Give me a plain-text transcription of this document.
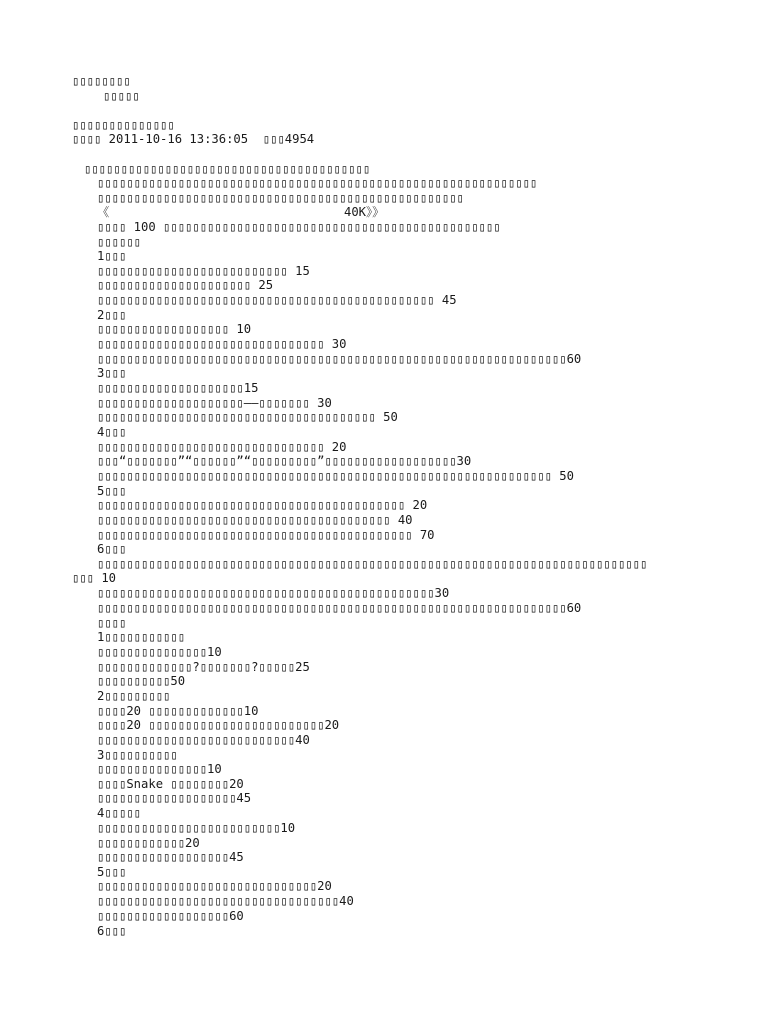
▯▯▯▯▯▯▯▯
▯▯▯▯▯
▯▯▯▯▯▯▯▯▯▯▯▯▯▯
▯▯▯▯ 2011-10-16 13:36:05  ▯▯▯4954
▯▯▯▯▯▯▯▯▯▯▯▯▯▯▯▯▯▯▯▯▯▯▯▯▯▯▯▯▯▯▯▯▯▯▯▯▯▯▯
▯▯▯▯▯▯▯▯▯▯▯▯▯▯▯▯▯▯▯▯▯▯▯▯▯▯▯▯▯▯▯▯▯▯▯▯▯▯▯▯▯▯▯▯▯▯▯▯▯▯▯▯▯▯▯▯▯▯▯▯
▯▯▯▯▯▯▯▯▯▯▯▯▯▯▯▯▯▯▯▯▯▯▯▯▯▯▯▯▯▯▯▯▯▯▯▯▯▯▯▯▯▯▯▯▯▯▯▯▯▯
《                                40K》》
▯▯▯▯ 100 ▯▯▯▯▯▯▯▯▯▯▯▯▯▯▯▯▯▯▯▯▯▯▯▯▯▯▯▯▯▯▯▯▯▯▯▯▯▯▯▯▯▯▯▯▯▯
▯▯▯▯▯▯
1▯▯▯
▯▯▯▯▯▯▯▯▯▯▯▯▯▯▯▯▯▯▯▯▯▯▯▯▯▯ 15
▯▯▯▯▯▯▯▯▯▯▯▯▯▯▯▯▯▯▯▯▯ 25
▯▯▯▯▯▯▯▯▯▯▯▯▯▯▯▯▯▯▯▯▯▯▯▯▯▯▯▯▯▯▯▯▯▯▯▯▯▯▯▯▯▯▯▯▯▯ 45
2▯▯▯
▯▯▯▯▯▯▯▯▯▯▯▯▯▯▯▯▯▯ 10
▯▯▯▯▯▯▯▯▯▯▯▯▯▯▯▯▯▯▯▯▯▯▯▯▯▯▯▯▯▯▯ 30
▯▯▯▯▯▯▯▯▯▯▯▯▯▯▯▯▯▯▯▯▯▯▯▯▯▯▯▯▯▯▯▯▯▯▯▯▯▯▯▯▯▯▯▯▯▯▯▯▯▯▯▯▯▯▯▯▯▯▯▯▯▯▯▯60
3▯▯▯
▯▯▯▯▯▯▯▯▯▯▯▯▯▯▯▯▯▯▯▯15
▯▯▯▯▯▯▯▯▯▯▯▯▯▯▯▯▯▯▯▯——▯▯▯▯▯▯▯ 30
▯▯▯▯▯▯▯▯▯▯▯▯▯▯▯▯▯▯▯▯▯▯▯▯▯▯▯▯▯▯▯▯▯▯▯▯▯▯ 50
4▯▯▯
▯▯▯▯▯▯▯▯▯▯▯▯▯▯▯▯▯▯▯▯▯▯▯▯▯▯▯▯▯▯▯ 20
▯▯▯“▯▯▯▯▯▯▯”“▯▯▯▯▯▯”“▯▯▯▯▯▯▯▯▯”▯▯▯▯▯▯▯▯▯▯▯▯▯▯▯▯▯▯30
▯▯▯▯▯▯▯▯▯▯▯▯▯▯▯▯▯▯▯▯▯▯▯▯▯▯▯▯▯▯▯▯▯▯▯▯▯▯▯▯▯▯▯▯▯▯▯▯▯▯▯▯▯▯▯▯▯▯▯▯▯▯ 50
5▯▯▯
▯▯▯▯▯▯▯▯▯▯▯▯▯▯▯▯▯▯▯▯▯▯▯▯▯▯▯▯▯▯▯▯▯▯▯▯▯▯▯▯▯▯ 20
▯▯▯▯▯▯▯▯▯▯▯▯▯▯▯▯▯▯▯▯▯▯▯▯▯▯▯▯▯▯▯▯▯▯▯▯▯▯▯▯ 40
▯▯▯▯▯▯▯▯▯▯▯▯▯▯▯▯▯▯▯▯▯▯▯▯▯▯▯▯▯▯▯▯▯▯▯▯▯▯▯▯▯▯▯ 70
6▯▯▯
▯▯▯▯▯▯▯▯▯▯▯▯▯▯▯▯▯▯▯▯▯▯▯▯▯▯▯▯▯▯▯▯▯▯▯▯▯▯▯▯▯▯▯▯▯▯▯▯▯▯▯▯▯▯▯▯▯▯▯▯▯▯▯▯▯▯▯▯▯▯▯▯▯▯▯
▯▯▯ 10
▯▯▯▯▯▯▯▯▯▯▯▯▯▯▯▯▯▯▯▯▯▯▯▯▯▯▯▯▯▯▯▯▯▯▯▯▯▯▯▯▯▯▯▯▯▯30
▯▯▯▯▯▯▯▯▯▯▯▯▯▯▯▯▯▯▯▯▯▯▯▯▯▯▯▯▯▯▯▯▯▯▯▯▯▯▯▯▯▯▯▯▯▯▯▯▯▯▯▯▯▯▯▯▯▯▯▯▯▯▯▯60
▯▯▯▯
1▯▯▯▯▯▯▯▯▯▯▯
▯▯▯▯▯▯▯▯▯▯▯▯▯▯▯10
▯▯▯▯▯▯▯▯▯▯▯▯▯?▯▯▯▯▯▯▯?▯▯▯▯▯25
▯▯▯▯▯▯▯▯▯▯50
2▯▯▯▯▯▯▯▯▯
▯▯▯▯20 ▯▯▯▯▯▯▯▯▯▯▯▯▯10
▯▯▯▯20 ▯▯▯▯▯▯▯▯▯▯▯▯▯▯▯▯▯▯▯▯▯▯▯▯20
▯▯▯▯▯▯▯▯▯▯▯▯▯▯▯▯▯▯▯▯▯▯▯▯▯▯▯40
3▯▯▯▯▯▯▯▯▯▯
▯▯▯▯▯▯▯▯▯▯▯▯▯▯▯10
▯▯▯▯Snake ▯▯▯▯▯▯▯▯20
▯▯▯▯▯▯▯▯▯▯▯▯▯▯▯▯▯▯▯45
4▯▯▯▯▯
▯▯▯▯▯▯▯▯▯▯▯▯▯▯▯▯▯▯▯▯▯▯▯▯▯10
▯▯▯▯▯▯▯▯▯▯▯▯20
▯▯▯▯▯▯▯▯▯▯▯▯▯▯▯▯▯▯45
5▯▯▯
▯▯▯▯▯▯▯▯▯▯▯▯▯▯▯▯▯▯▯▯▯▯▯▯▯▯▯▯▯▯20
▯▯▯▯▯▯▯▯▯▯▯▯▯▯▯▯▯▯▯▯▯▯▯▯▯▯▯▯▯▯▯▯▯40
▯▯▯▯▯▯▯▯▯▯▯▯▯▯▯▯▯▯60
6▯▯▯
